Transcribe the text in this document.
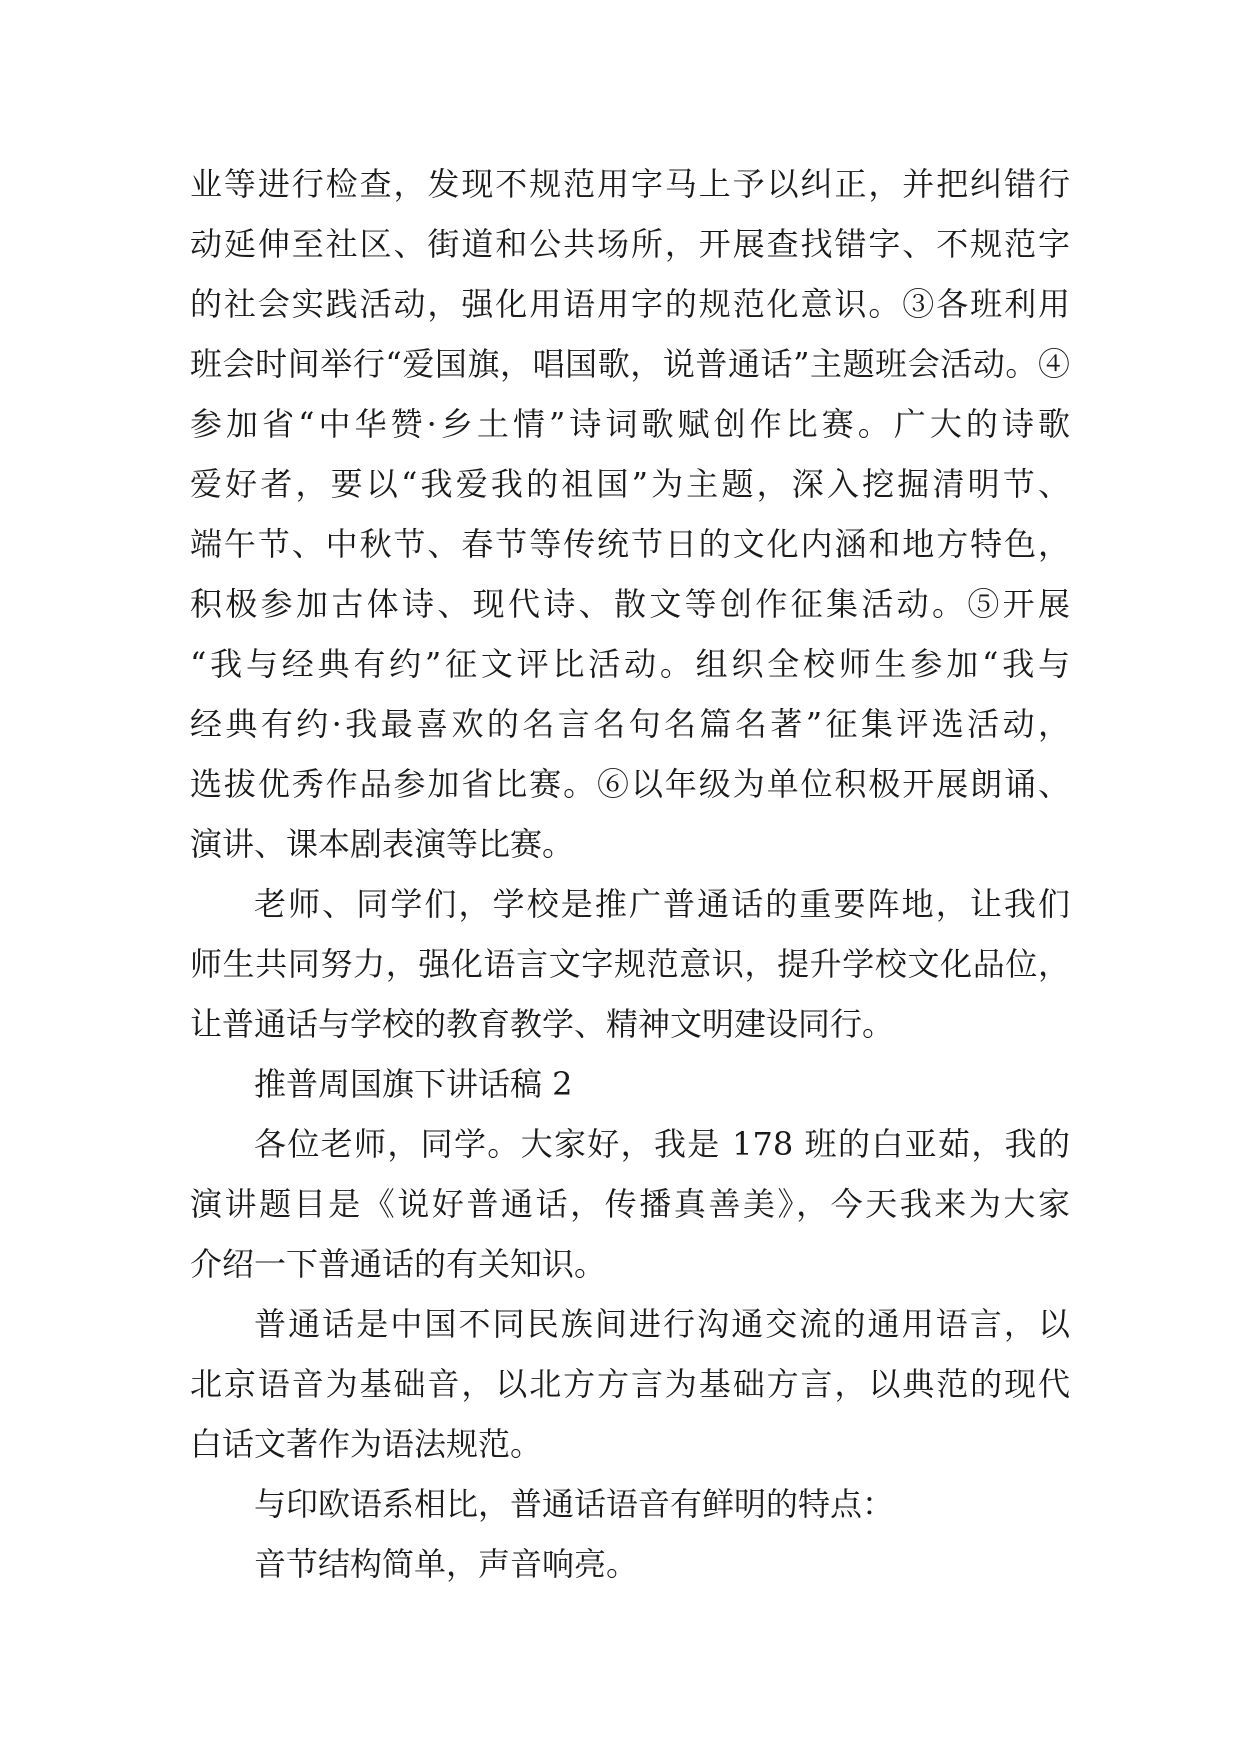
业等进行检查，发现不规范用字马上予以纠正，并把纠错行
动延伸至社区、街道和公共场所，开展查找错字、不规范字
的社会实践活动，强化用语用字的规范化意识。③各班利用
班会时间举行“爱国旗，唱国歌，说普通话”主题班会活动。④
参加省“中华赞·乡土情”诗词歌赋创作比赛。广大的诗歌
爱好者，要以“我爱我的祖国”为主题，深入挖掘清明节、
端午节、中秋节、春节等传统节日的文化内涵和地方特色，
积极参加古体诗、现代诗、散文等创作征集活动。⑤开展
“我与经典有约”征文评比活动。组织全校师生参加“我与
经典有约·我最喜欢的名言名句名篇名著”征集评选活动，
选拔优秀作品参加省比赛。⑥以年级为单位积极开展朗诵、
演讲、课本剧表演等比赛。
老师、同学们，学校是推广普通话的重要阵地，让我们
师生共同努力，强化语言文字规范意识，提升学校文化品位，
让普通话与学校的教育教学、精神文明建设同行。
推普周国旗下讲话稿 2
各位老师，同学。大家好，我是 178 班的白亚茹，我的
演讲题目是《说好普通话，传播真善美》，今天我来为大家
介绍一下普通话的有关知识。
普通话是中国不同民族间进行沟通交流的通用语言，以
北京语音为基础音，以北方方言为基础方言，以典范的现代
白话文著作为语法规范。
与印欧语系相比，普通话语音有鲜明的特点：
音节结构简单，声音响亮。
